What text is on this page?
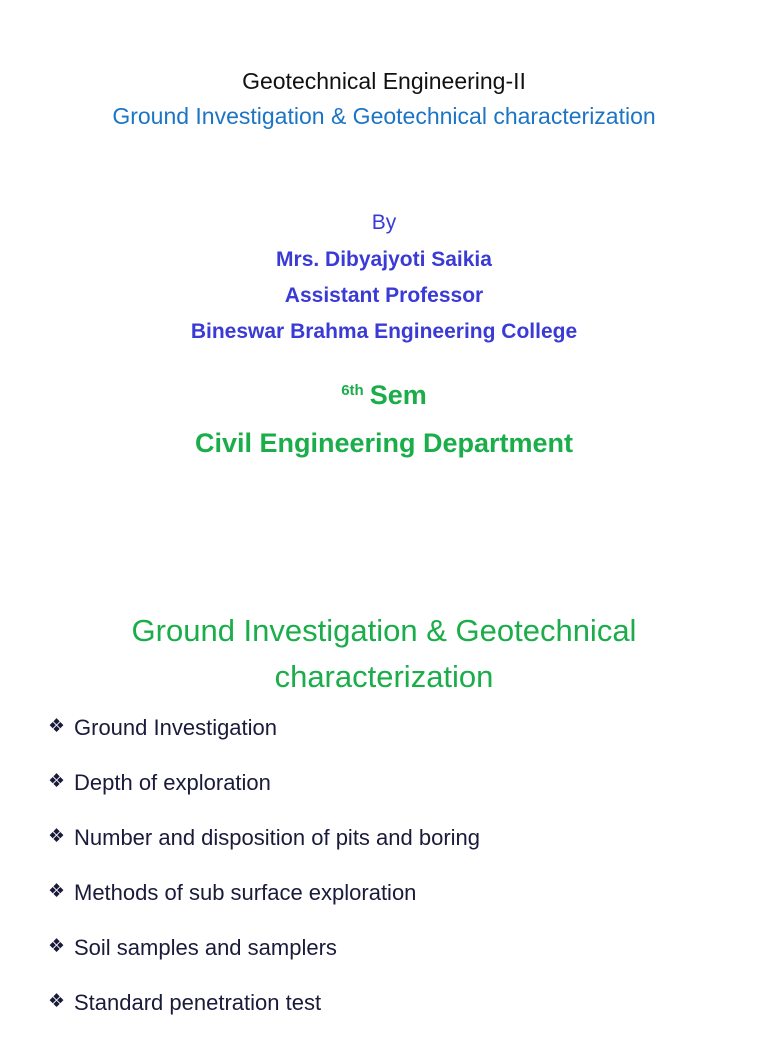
Geotechnical Engineering-II
Ground Investigation & Geotechnical characterization
By
Mrs. Dibyajyoti Saikia
Assistant Professor
Bineswar Brahma Engineering College
$^{6th}$ Sem
Civil Engineering Department
Ground Investigation & Geotechnical
characterization
❖ Ground Investigation
❖ Depth of exploration
❖ Number and disposition of pits and boring
❖ Methods of sub surface exploration
❖ Soil samples and samplers
❖ Standard penetration test
